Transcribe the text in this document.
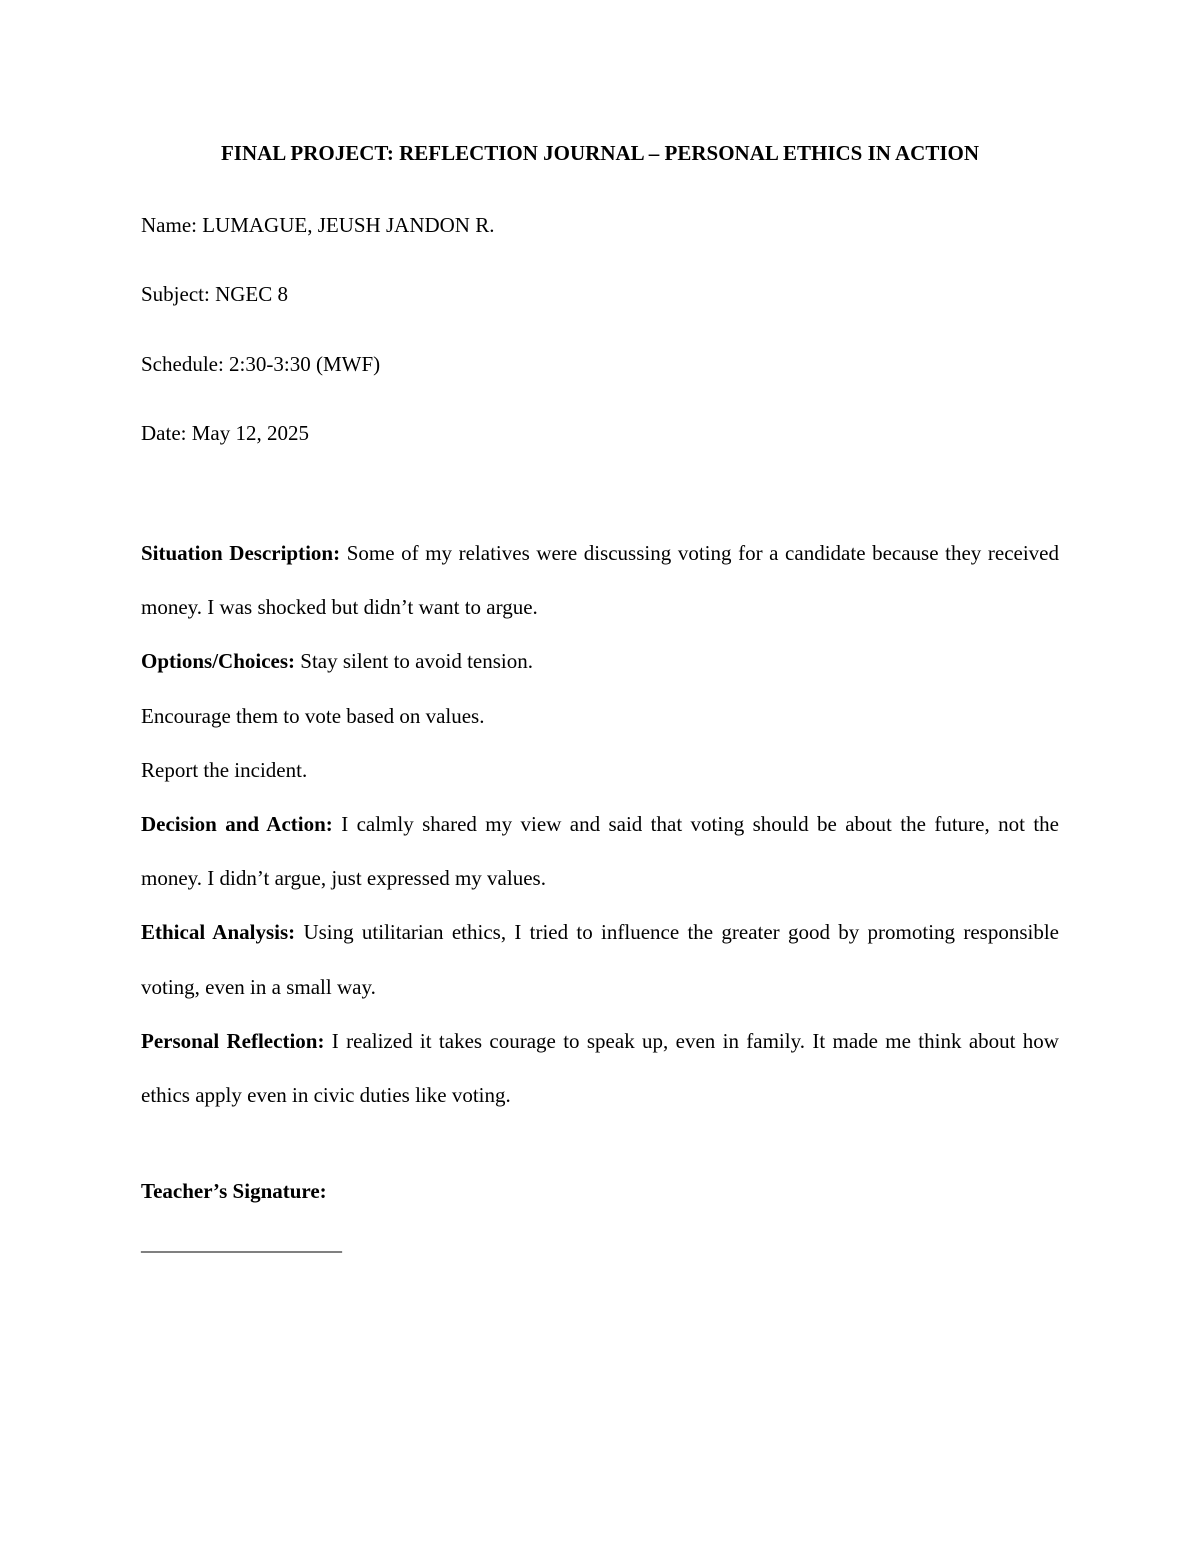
FINAL PROJECT: REFLECTION JOURNAL – PERSONAL ETHICS IN ACTION
Name: LUMAGUE, JEUSH JANDON R.
Subject: NGEC 8
Schedule: 2:30-3:30 (MWF)
Date: May 12, 2025

Situation Description: Some of my relatives were discussing voting for a candidate because they received money. I was shocked but didn’t want to argue.

Options/Choices: Stay silent to avoid tension.

Encourage them to vote based on values.

Report the incident.

Decision and Action: I calmly shared my view and said that voting should be about the future, not the money. I didn’t argue, just expressed my values.

Ethical Analysis: Using utilitarian ethics, I tried to influence the greater good by promoting responsible voting, even in a small way.

Personal Reflection: I realized it takes courage to speak up, even in family. It made me think about how ethics apply even in civic duties like voting.

Teacher’s Signature:
——————————
